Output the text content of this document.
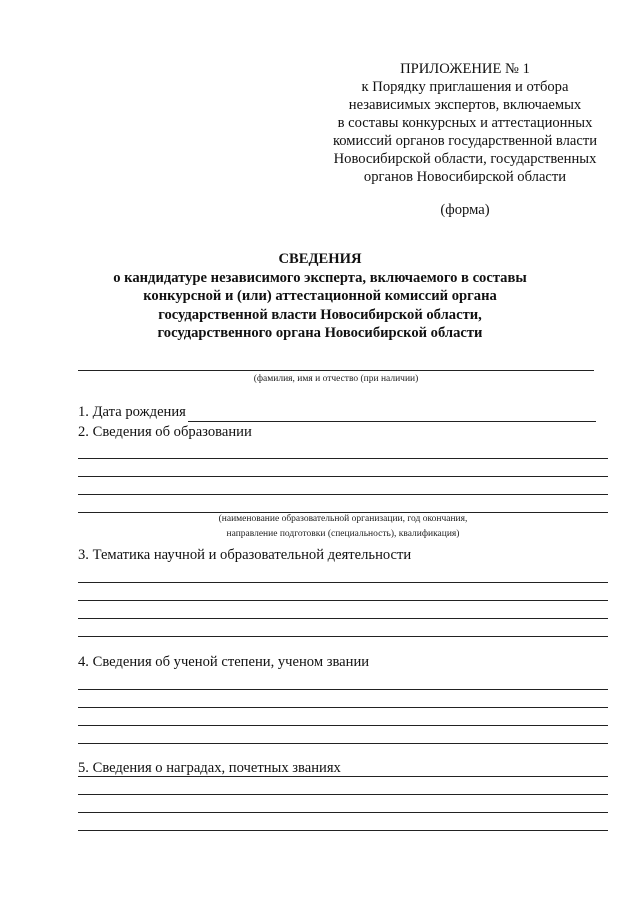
ПРИЛОЖЕНИЕ № 1
к Порядку приглашения и отбора
независимых экспертов, включаемых
в составы конкурсных и аттестационных
комиссий органов государственной власти
Новосибирской области, государственных
органов Новосибирской области
(форма)
СВЕДЕНИЯ
о кандидатуре независимого эксперта, включаемого в составы
конкурсной и (или) аттестационной комиссий органа
государственной власти Новосибирской области,
государственного органа Новосибирской области
(фамилия, имя и отчество (при наличии)
1. Дата рождения
2. Сведения об образовании
(наименование образовательной организации, год окончания,
направление подготовки (специальность), квалификация)
3. Тематика научной и образовательной деятельности
4. Сведения об ученой степени, ученом звании
5. Сведения о наградах, почетных званиях
